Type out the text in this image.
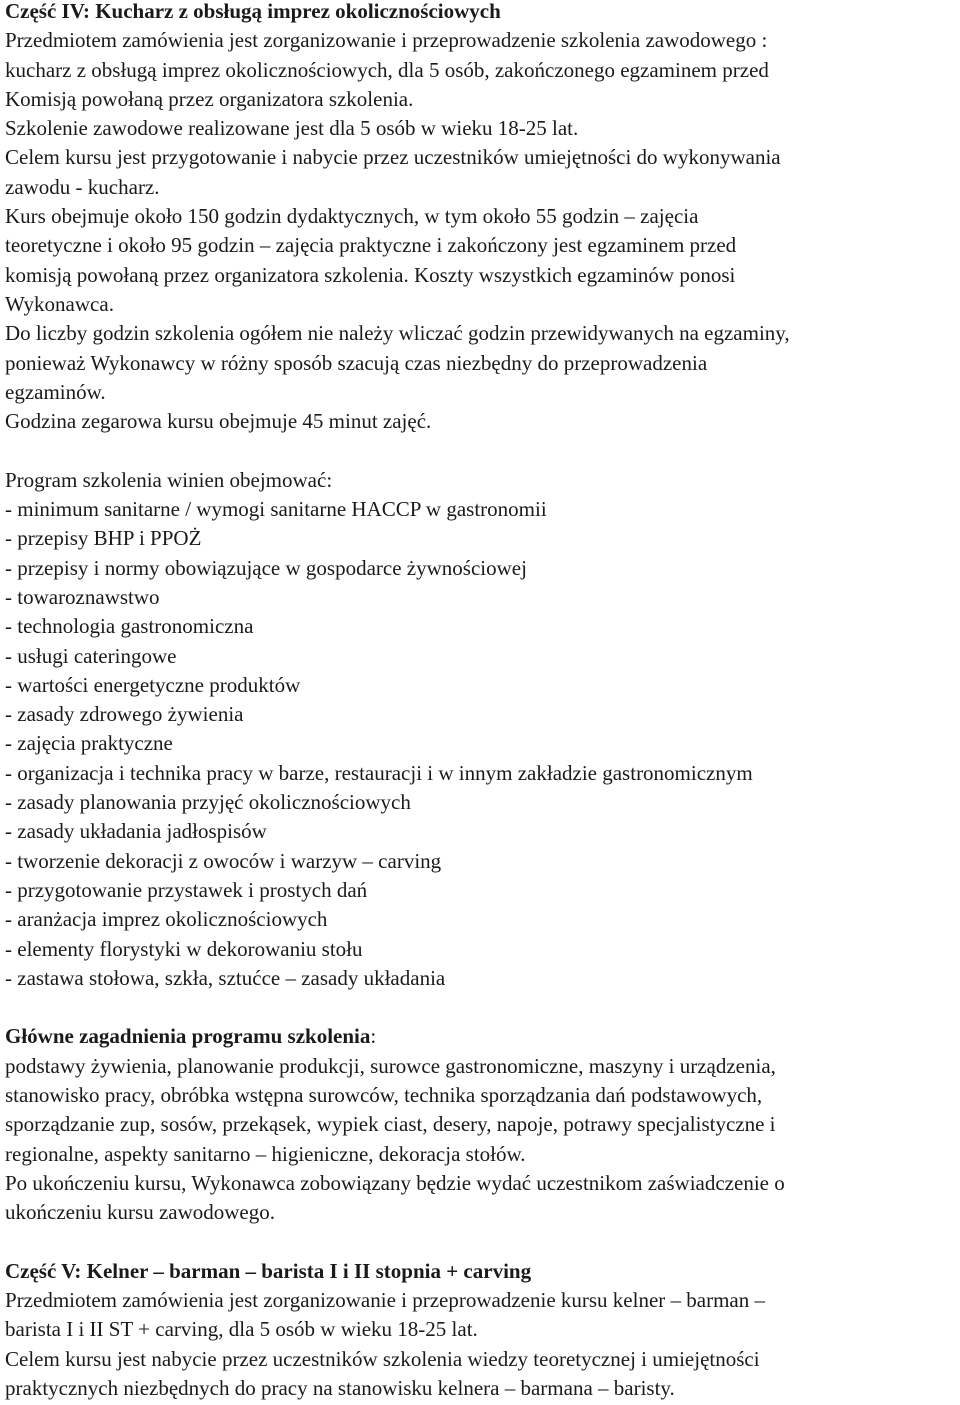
Część IV: Kucharz z obsługą imprez okolicznościowych
Przedmiotem zamówienia jest zorganizowanie i przeprowadzenie szkolenia zawodowego :
kucharz z obsługą imprez okolicznościowych, dla 5 osób, zakończonego egzaminem przed
Komisją powołaną przez organizatora szkolenia.
Szkolenie zawodowe realizowane jest dla 5 osób w wieku 18-25 lat.
Celem kursu jest przygotowanie i nabycie przez uczestników umiejętności do wykonywania
zawodu - kucharz.
Kurs obejmuje około 150 godzin dydaktycznych, w tym około 55 godzin – zajęcia
teoretyczne i około 95 godzin – zajęcia praktyczne i zakończony jest egzaminem przed
komisją powołaną przez organizatora szkolenia. Koszty wszystkich egzaminów ponosi
Wykonawca.
Do liczby godzin szkolenia ogółem nie należy wliczać godzin przewidywanych na egzaminy,
ponieważ Wykonawcy w różny sposób szacują czas niezbędny do przeprowadzenia
egzaminów.
Godzina zegarowa kursu obejmuje 45 minut zajęć.
Program szkolenia winien obejmować:
- minimum sanitarne / wymogi sanitarne HACCP w gastronomii
- przepisy BHP i PPOŻ
- przepisy i normy obowiązujące w gospodarce żywnościowej
- towaroznawstwo
- technologia gastronomiczna
- usługi cateringowe
- wartości energetyczne produktów
- zasady zdrowego żywienia
- zajęcia praktyczne
- organizacja i technika pracy w barze, restauracji i w innym zakładzie gastronomicznym
- zasady planowania przyjęć okolicznościowych
- zasady układania jadłospisów
- tworzenie dekoracji z owoców i warzyw – carving
- przygotowanie przystawek i prostych dań
- aranżacja imprez okolicznościowych
- elementy florystyki w dekorowaniu stołu
- zastawa stołowa, szkła, sztućce – zasady układania
Główne zagadnienia programu szkolenia:
podstawy żywienia, planowanie produkcji, surowce gastronomiczne, maszyny i urządzenia,
stanowisko pracy, obróbka wstępna surowców, technika sporządzania dań podstawowych,
sporządzanie zup, sosów, przekąsek, wypiek ciast, desery, napoje, potrawy specjalistyczne i
regionalne, aspekty sanitarno – higieniczne, dekoracja stołów.
Po ukończeniu kursu, Wykonawca zobowiązany będzie wydać uczestnikom zaświadczenie o
ukończeniu kursu zawodowego.
Część V: Kelner – barman – barista I i II stopnia + carving
Przedmiotem zamówienia jest zorganizowanie i przeprowadzenie kursu kelner – barman –
barista I i II ST + carving, dla 5 osób w wieku 18-25 lat.
Celem kursu jest nabycie przez uczestników szkolenia wiedzy teoretycznej i umiejętności
praktycznych niezbędnych do pracy na stanowisku kelnera – barmana – baristy.
